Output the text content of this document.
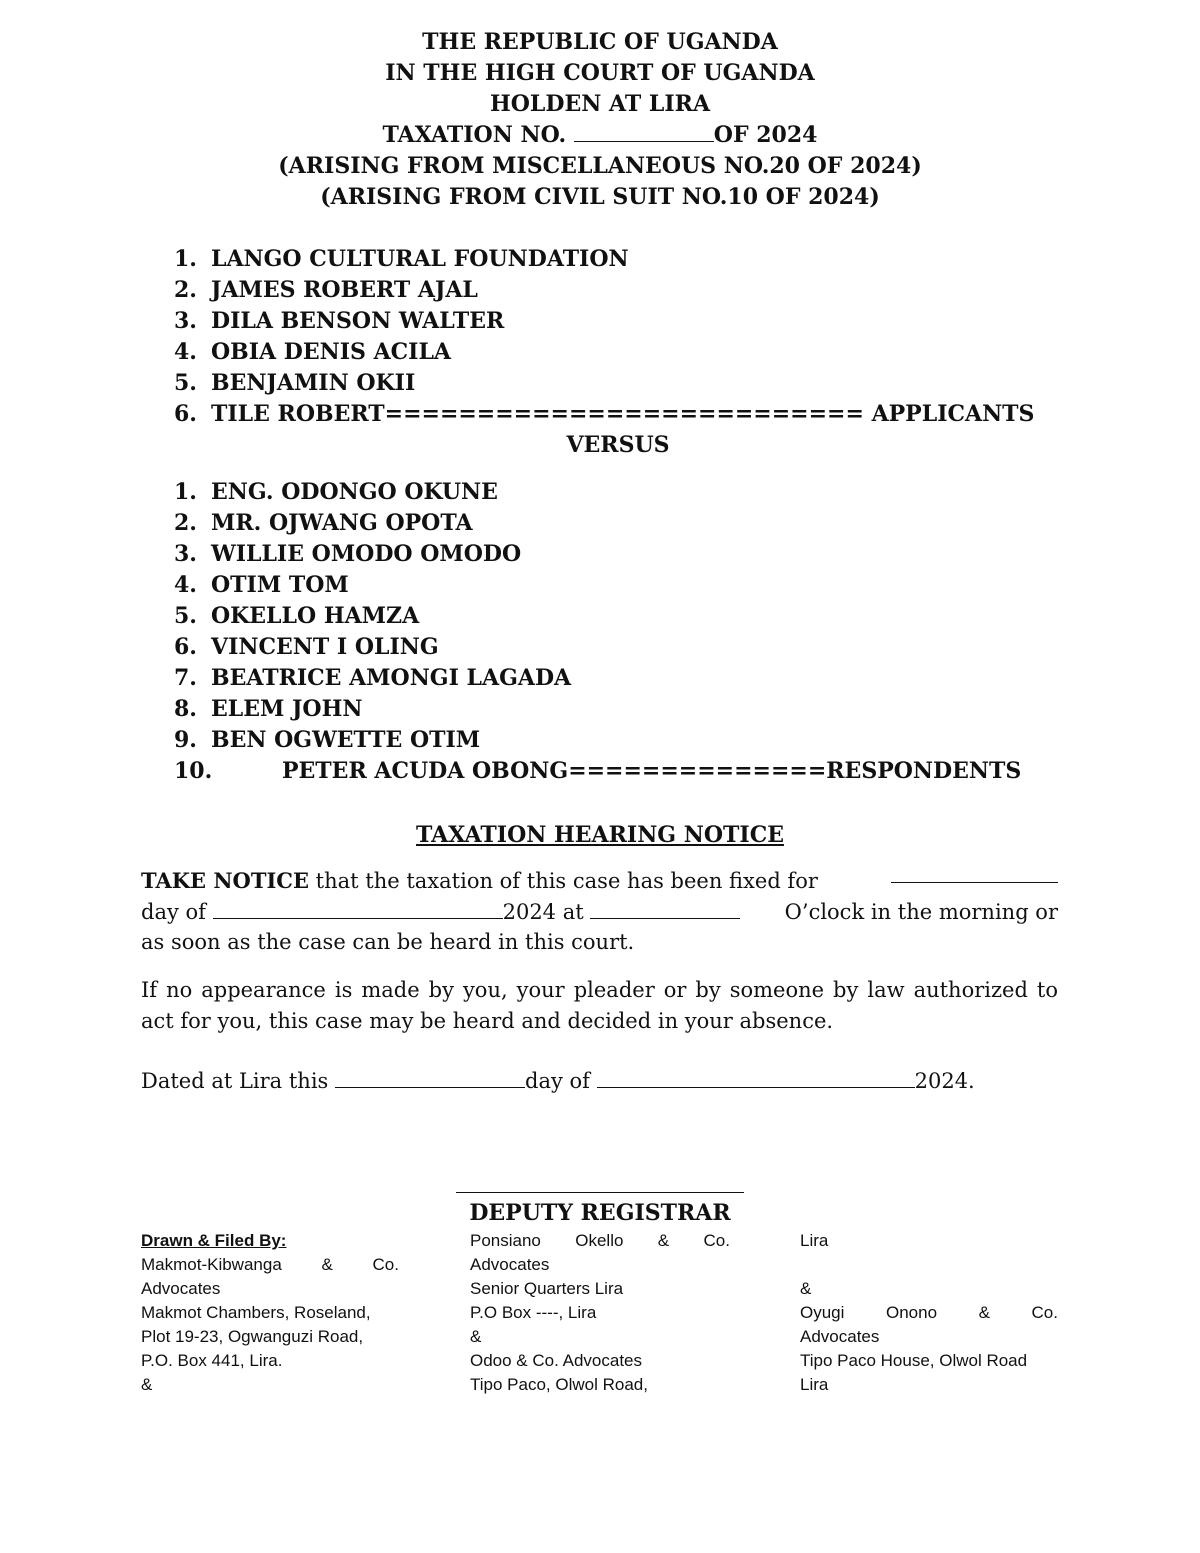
THE REPUBLIC OF UGANDA
IN THE HIGH COURT OF UGANDA
HOLDEN AT LIRA
TAXATION NO.	OF 2024
(ARISING FROM MISCELLANEOUS NO.20 OF 2024)
(ARISING FROM CIVIL SUIT NO.10 OF 2024)
1. LANGO CULTURAL FOUNDATION
2. JAMES ROBERT AJAL
3. DILA BENSON WALTER
4. OBIA DENIS ACILA
5. BENJAMIN OKII
6. TILE ROBERT========================== APPLICANTS
VERSUS
1. ENG. ODONGO OKUNE
2. MR. OJWANG OPOTA
3. WILLIE OMODO OMODO
4. OTIM TOM
5. OKELLO HAMZA
6. VINCENT I OLING
7. BEATRICE AMONGI LAGADA
8. ELEM JOHN
9. BEN OGWETTE OTIM
10.	PETER ACUDA OBONG==============RESPONDENTS
TAXATION HEARING NOTICE
TAKE NOTICE that the taxation of this case has been fixed for
day of	2024 at	O’clock in the morning or
as soon as the case can be heard in this court.
If no appearance is made by you, your pleader or by someone by law authorized to act for you, this case may be heard and decided in your absence.
Dated at Lira this	day of	2024.
DEPUTY REGISTRAR
Drawn & Filed By:
Makmot-Kibwanga & Co.
Advocates
Makmot Chambers, Roseland,
Plot 19-23, Ogwanguzi Road,
P.O. Box 441, Lira.
&
Ponsiano Okello & Co.
Advocates
Senior Quarters Lira
P.O Box ----, Lira
&
Odoo & Co. Advocates
Tipo Paco, Olwol Road,
Lira
&
Oyugi Onono & Co.
Advocates
Tipo Paco House, Olwol Road
Lira
